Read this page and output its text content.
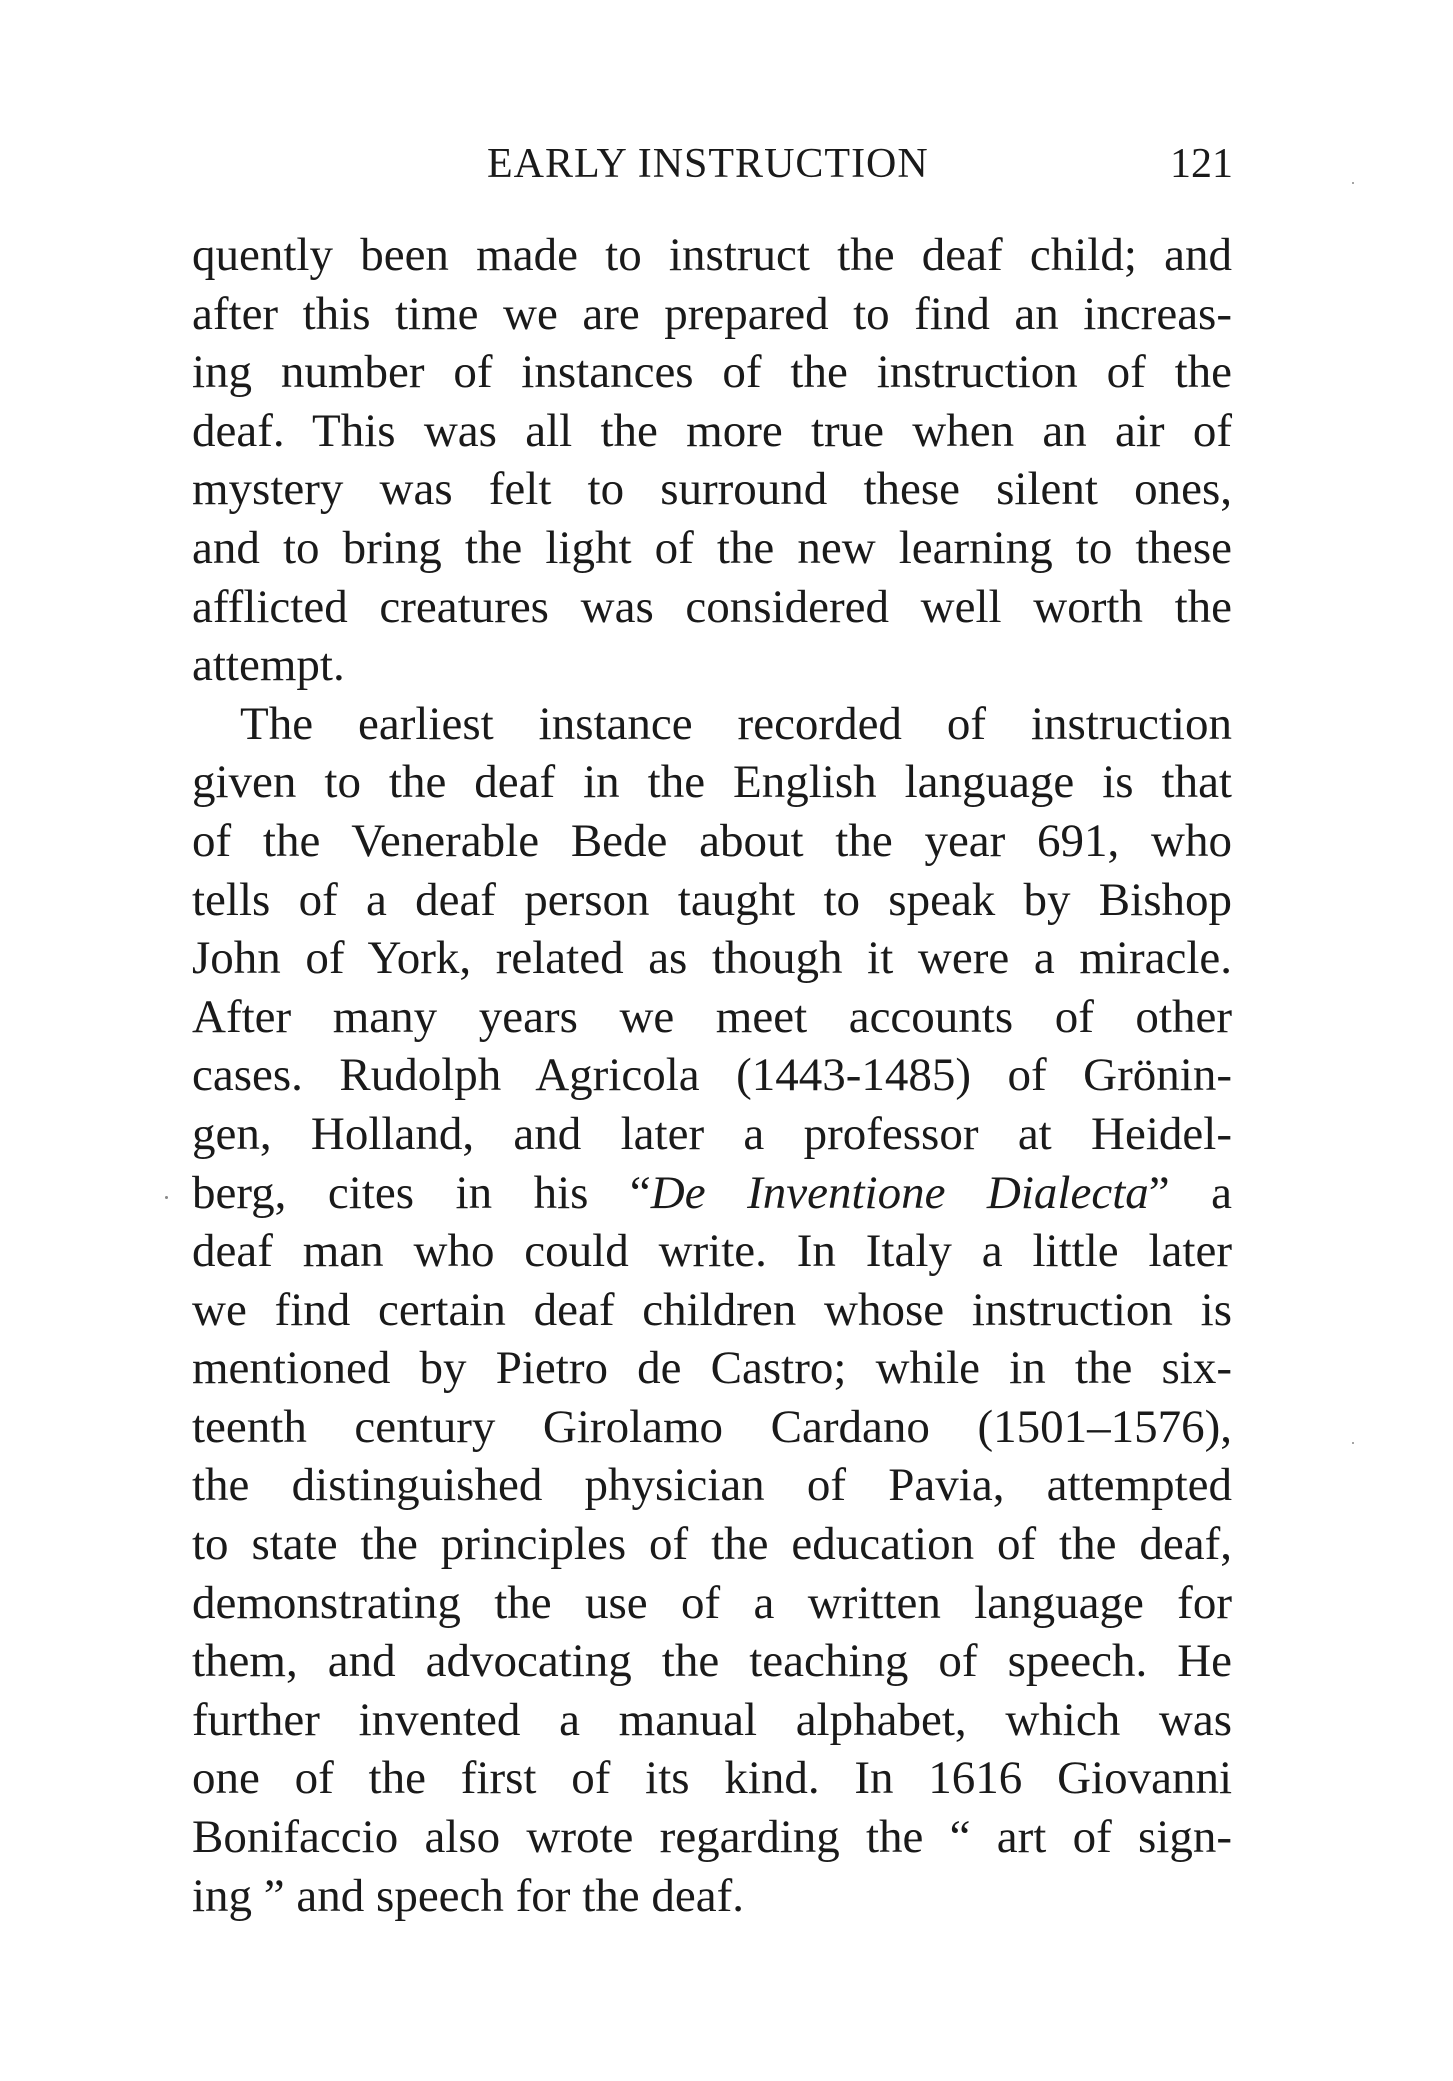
EARLY INSTRUCTION	121
quently been made to instruct the deaf child; and
after this time we are prepared to find an increas-
ing number of instances of the instruction of the
deaf. This was all the more true when an air of
mystery was felt to surround these silent ones,
and to bring the light of the new learning to these
afflicted creatures was considered well worth the
attempt.
The earliest instance recorded of instruction
given to the deaf in the English language is that
of the Venerable Bede about the year 691, who
tells of a deaf person taught to speak by Bishop
John of York, related as though it were a miracle.
After many years we meet accounts of other
cases. Rudolph Agricola (1443-1485) of Grönin-
gen, Holland, and later a professor at Heidel-
berg, cites in his “De Inventione Dialecta” a
deaf man who could write. In Italy a little later
we find certain deaf children whose instruction is
mentioned by Pietro de Castro; while in the six-
teenth century Girolamo Cardano (1501–1576),
the distinguished physician of Pavia, attempted
to state the principles of the education of the deaf,
demonstrating the use of a written language for
them, and advocating the teaching of speech. He
further invented a manual alphabet, which was
one of the first of its kind. In 1616 Giovanni
Bonifaccio also wrote regarding the “ art of sign-
ing ” and speech for the deaf.
